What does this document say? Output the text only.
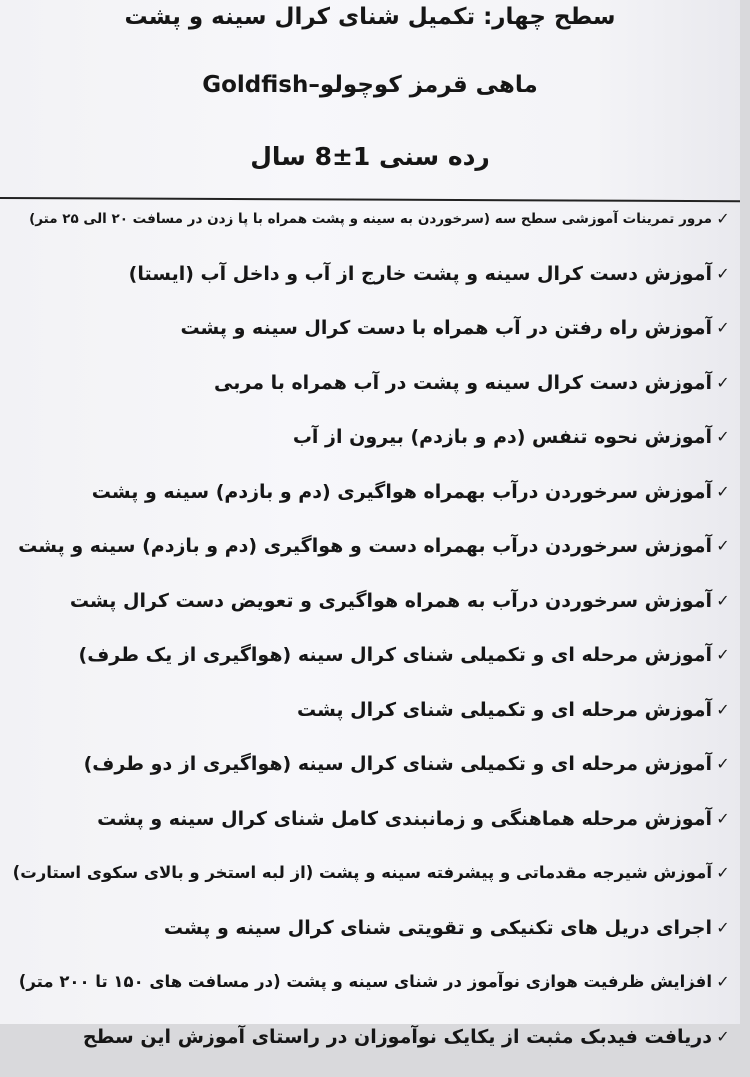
سطح چهار: تکمیل شنای کرال سینه و پشت
ماهی قرمز کوچولو–Goldfish
رده سنی 1±8 سال
✓
مرور تمرینات آموزشی سطح سه (سرخوردن به سینه و پشت همراه با پا زدن در مسافت ۲۰ الی ۲۵ متر)
✓
آموزش دست کرال سینه و پشت خارج از آب و داخل آب (ایستا)
✓
آموزش راه رفتن در آب همراه با دست کرال سینه و پشت
✓
آموزش دست کرال سینه و پشت در آب همراه با مربی
✓
آموزش نحوه تنفس (دم و بازدم) بیرون از آب
✓
آموزش سرخوردن درآب بهمراه هواگیری (دم و بازدم) سینه و پشت
✓
آموزش سرخوردن درآب بهمراه دست و هواگیری (دم و بازدم) سینه و پشت
✓
آموزش سرخوردن درآب به همراه هواگیری و تعویض دست کرال پشت
✓
آموزش مرحله ای و تکمیلی شنای کرال سینه (هواگیری از یک طرف)
✓
آموزش مرحله ای و تکمیلی شنای کرال پشت
✓
آموزش مرحله ای و تکمیلی شنای کرال سینه (هواگیری از دو طرف)
✓
آموزش مرحله هماهنگی و زمانبندی کامل شنای کرال سینه و پشت
✓
آموزش شیرجه مقدماتی و پیشرفته سینه و پشت (از لبه استخر و بالای سکوی استارت)
✓
اجرای دریل های تکنیکی و تقویتی شنای کرال سینه و پشت
✓
افزایش ظرفیت هوازی نوآموز در شنای سینه و پشت (در مسافت های ۱۵۰ تا ۲۰۰ متر)
✓
دریافت فیدبک مثبت از یکایک نوآموزان در راستای آموزش این سطح
